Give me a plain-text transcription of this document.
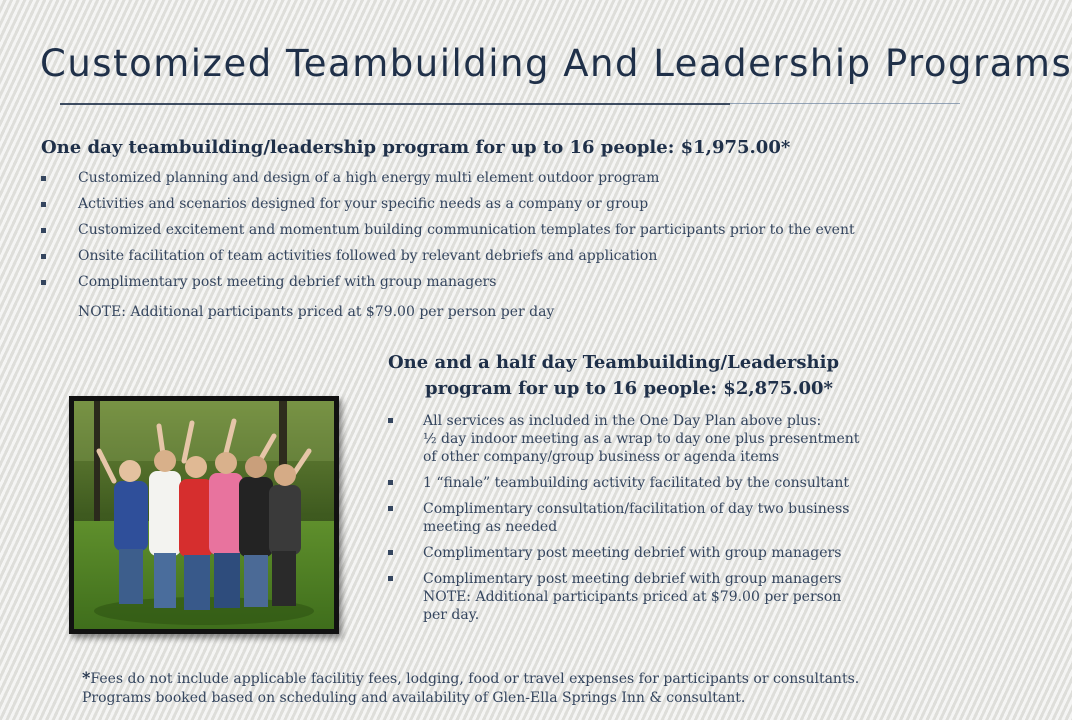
Customized Teambuilding And Leadership Programs
One day teambuilding/leadership program for up to 16 people: $1,975.00*
Customized planning and design of a high energy multi element outdoor program
Activities and scenarios designed for your specific needs as a company or group
Customized excitement and momentum building communication templates for participants prior to the event
Onsite facilitation of team activities followed by relevant debriefs and application
Complimentary post meeting debrief with group managers
NOTE: Additional participants priced at $79.00 per person per day
One and a half day Teambuilding/Leadership
program for up to 16 people: $2,875.00*
All services as included in the One Day Plan above plus:
½ day indoor meeting as a wrap to day one plus presentment
of other company/group business or agenda items
1 “finale” teambuilding activity facilitated by the consultant
Complimentary consultation/facilitation of day two business
meeting as needed
Complimentary post meeting debrief with group managers
Complimentary post meeting debrief with group managers
NOTE: Additional participants priced at $79.00 per person
per day.
*Fees do not include applicable facilitiy fees, lodging, food or travel expenses for participants or consultants.
Programs booked based on scheduling and availability of Glen-Ella Springs Inn & consultant.
